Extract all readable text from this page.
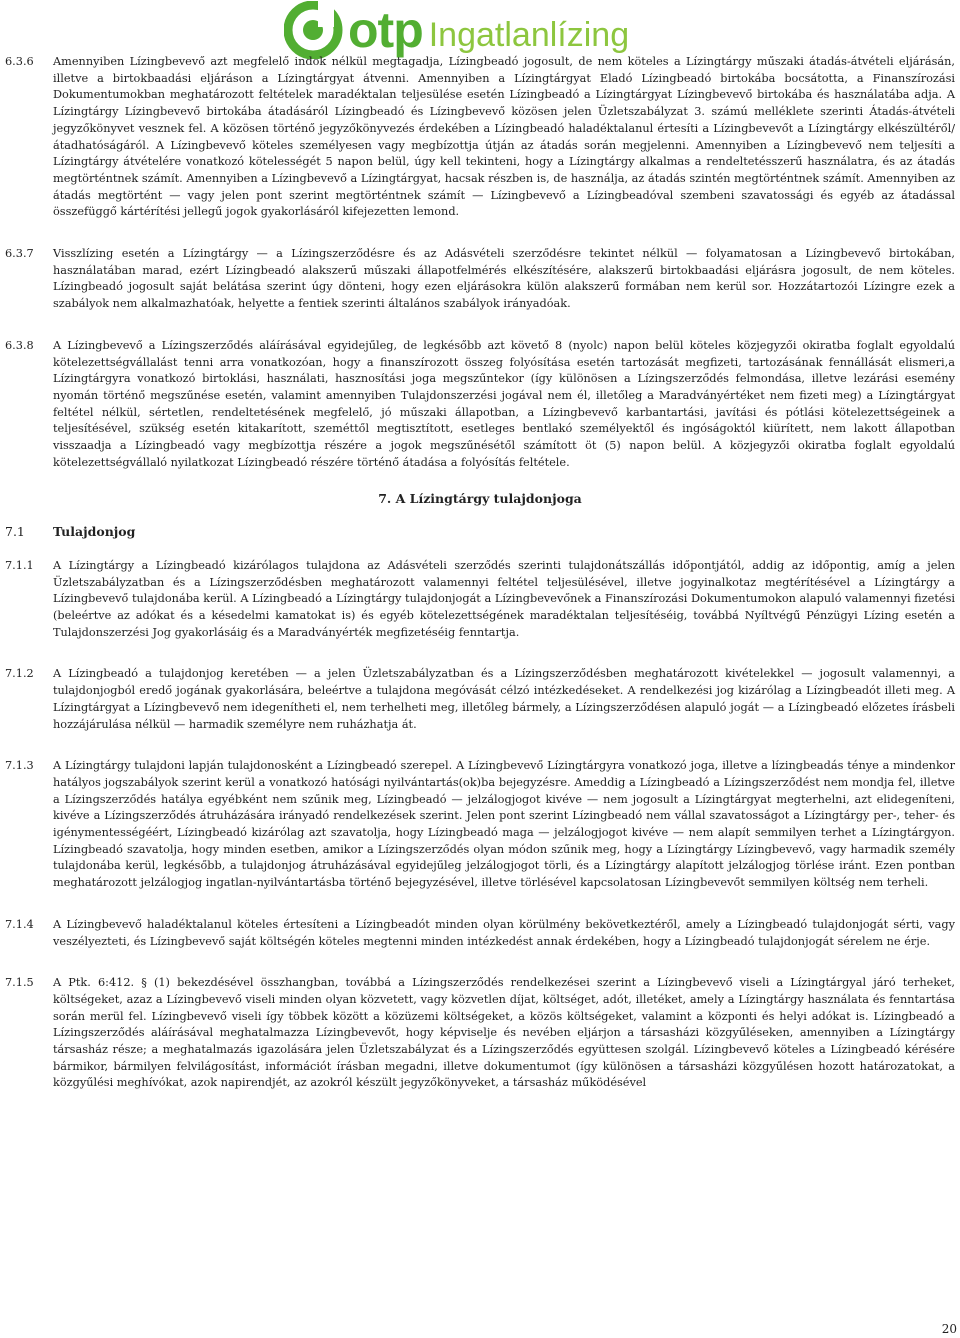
otp Ingatlanlízing
6.3.6	Amennyiben Lízingbevevő azt megfelelő indok nélkül megtagadja, Lízingbeadó jogosult, de nem köteles a Lízingtárgy műszaki átadás-átvételi eljárásán, illetve a birtokbaadási eljáráson a Lízingtárgyat átvenni. Amennyiben a Lízingtárgyat Eladó Lízingbeadó birtokába bocsátotta, a Finanszírozási Dokumentumokban meghatározott feltételek maradéktalan teljesülése esetén Lízingbeadó a Lízingtárgyat Lízingbevevő birtokába és használatába adja. A Lízingtárgy Lízingbevevő birtokába átadásáról Lízingbeadó és Lízingbevevő közösen jelen Üzletszabályzat 3. számú melléklete szerinti Átadás-átvételi jegyzőkönyvet vesznek fel. A közösen történő jegyzőkönyvezés érdekében a Lízingbeadó haladéktalanul értesíti a Lízingbevevőt a Lízingtárgy elkészültéről/átadhatóságáról. A Lízingbevevő köteles személyesen vagy megbízottja útján az átadás során megjelenni. Amennyiben a Lízingbevevő nem teljesíti a Lízingtárgy átvételére vonatkozó kötelességét 5 napon belül, úgy kell tekinteni, hogy a Lízingtárgy alkalmas a rendeltetésszerű használatra, és az átadás megtörténtnek számít. Amennyiben a Lízingbevevő a Lízingtárgyat, hacsak részben is, de használja, az átadás szintén megtörténtnek számít. Amennyiben az átadás megtörtént — vagy jelen pont szerint megtörténtnek számít — Lízingbevevő a Lízingbeadóval szembeni szavatossági és egyéb az átadással összefüggő kártérítési jellegű jogok gyakorlásáról kifejezetten lemond.
6.3.7	Visszlízing esetén a Lízingtárgy — a Lízingszerződésre és az Adásvételi szerződésre tekintet nélkül — folyamatosan a Lízingbevevő birtokában, használatában marad, ezért Lízingbeadó alakszerű műszaki állapotfelmérés elkészítésére, alakszerű birtokbaadási eljárásra jogosult, de nem köteles. Lízingbeadó jogosult saját belátása szerint úgy dönteni, hogy ezen eljárásokra külön alakszerű formában nem kerül sor. Hozzátartozói Lízingre ezek a szabályok nem alkalmazhatóak, helyette a fentiek szerinti általános szabályok irányadóak.
6.3.8	A Lízingbevevő a Lízingszerződés aláírásával egyidejűleg, de legkésőbb azt követő 8 (nyolc) napon belül köteles közjegyzői okiratba foglalt egyoldalú kötelezettségvállalást tenni arra vonatkozóan, hogy a finanszírozott összeg folyósítása esetén tartozását megfizeti, tartozásának fennállását elismeri,a Lízingtárgyra vonatkozó birtoklási, használati, hasznosítási joga megszűntekor (így különösen a Lízingszerződés felmondása, illetve lezárási esemény nyomán történő megszűnése esetén, valamint amennyiben Tulajdonszerzési jogával nem él, illetőleg a Maradványértéket nem fizeti meg) a Lízingtárgyat feltétel nélkül, sértetlen, rendeltetésének megfelelő, jó műszaki állapotban, a Lízingbevevő karbantartási, javítási és pótlási kötelezettségeinek a teljesítésével, szükség esetén kitakarított, szeméttől megtisztított, esetleges bentlakó személyektől és ingóságoktól kiürített, nem lakott állapotban visszaadja a Lízingbeadó vagy megbízottja részére a jogok megszűnésétől számított öt (5) napon belül. A közjegyzői okiratba foglalt egyoldalú kötelezettségvállaló nyilatkozat Lízingbeadó részére történő átadása a folyósítás feltétele.
7. A Lízingtárgy tulajdonjoga
7.1	Tulajdonjog
7.1.1	A Lízingtárgy a Lízingbeadó kizárólagos tulajdona az Adásvételi szerződés szerinti tulajdonátszállás időpontjától, addig az időpontig, amíg a jelen Üzletszabályzatban és a Lízingszerződésben meghatározott valamennyi feltétel teljesülésével, illetve jogyinalkotaz megtérítésével a Lízingtárgy a Lízingbevevő tulajdonába kerül. A Lízingbeadó a Lízingtárgy tulajdonjogát a Lízingbevevőnek a Finanszírozási Dokumentumokon alapuló valamennyi fizetési (beleértve az adókat és a késedelmi kamatokat is) és egyéb kötelezettségének maradéktalan teljesítéséig, továbbá Nyíltvégű Pénzügyi Lízing esetén a Tulajdonszerzési Jog gyakorlásáig és a Maradványérték megfizetéséig fenntartja.
7.1.2	A Lízingbeadó a tulajdonjog keretében — a jelen Üzletszabályzatban és a Lízingszerződésben meghatározott kivételekkel — jogosult valamennyi, a tulajdonjogból eredő jogának gyakorlására, beleértve a tulajdona megóvását célzó intézkedéseket. A rendelkezési jog kizárólag a Lízingbeadót illeti meg. A Lízingtárgyat a Lízingbevevő nem idegenítheti el, nem terhelheti meg, illetőleg bármely, a Lízingszerződésen alapuló jogát — a Lízingbeadó előzetes írásbeli hozzájárulása nélkül — harmadik személyre nem ruházhatja át.
7.1.3	A Lízingtárgy tulajdoni lapján tulajdonosként a Lízingbeadó szerepel. A Lízingbevevő Lízingtárgyra vonatkozó joga, illetve a lízingbeadás ténye a mindenkor hatályos jogszabályok szerint kerül a vonatkozó hatósági nyilvántartás(ok)ba bejegyzésre. Ameddig a Lízingbeadó a Lízingszerződést nem mondja fel, illetve a Lízingszerződés hatálya egyébként nem szűnik meg, Lízingbeadó — jelzálogjogot kivéve — nem jogosult a Lízingtárgyat megterhelni, azt elidegeníteni, kivéve a Lízingszerződés átruházására irányadó rendelkezések szerint. Jelen pont szerint Lízingbeadó nem vállal szavatosságot a Lízingtárgy per-, teher- és igénymentességéért, Lízingbeadó kizárólag azt szavatolja, hogy Lízingbeadó maga — jelzálogjogot kivéve — nem alapít semmilyen terhet a Lízingtárgyon. Lízingbeadó szavatolja, hogy minden esetben, amikor a Lízingszerződés olyan módon szűnik meg, hogy a Lízingtárgy Lízingbevevő, vagy harmadik személy tulajdonába kerül, legkésőbb, a tulajdonjog átruházásával egyidejűleg jelzálogjogot törli, és a Lízingtárgy alapított jelzálogjog törlése iránt. Ezen pontban meghatározott jelzálogjog ingatlan-nyilvántartásba történő bejegyzésével, illetve törlésével kapcsolatosan Lízingbevevőt semmilyen költség nem terheli.
7.1.4	A Lízingbevevő haladéktalanul köteles értesíteni a Lízingbeadót minden olyan körülmény bekövetkeztéről, amely a Lízingbeadó tulajdonjogát sérti, vagy veszélyezteti, és Lízingbevevő saját költségén köteles megtenni minden intézkedést annak érdekében, hogy a Lízingbeadó tulajdonjogát sérelem ne érje.
7.1.5	A Ptk. 6:412. § (1) bekezdésével összhangban, továbbá a Lízingszerződés rendelkezései szerint a Lízingbevevő viseli a Lízingtárgyal járó terheket, költségeket, azaz a Lízingbevevő viseli minden olyan közvetett, vagy közvetlen díjat, költséget, adót, illetéket, amely a Lízingtárgy használata és fenntartása során merül fel. Lízingbevevő viseli így többek között a közüzemi költségeket, a közös költségeket, valamint a központi és helyi adókat is. Lízingbeadó a Lízingszerződés aláírásával meghatalmazza Lízingbevevőt, hogy képviselje és nevében eljárjon a társasházi közgyűléseken, amennyiben a Lízingtárgy társasház része; a meghatalmazás igazolására jelen Üzletszabályzat és a Lízingszerződés együttesen szolgál. Lízingbevevő köteles a Lízingbeadó kérésére bármikor, bármilyen felvilágosítást, információt írásban megadni, illetve dokumentumot (így különösen a társasházi közgyűlésen hozott határozatokat, a közgyűlési meghívókat, azok napirendjét, az azokról készült jegyzőkönyveket, a társasház működésével
20
